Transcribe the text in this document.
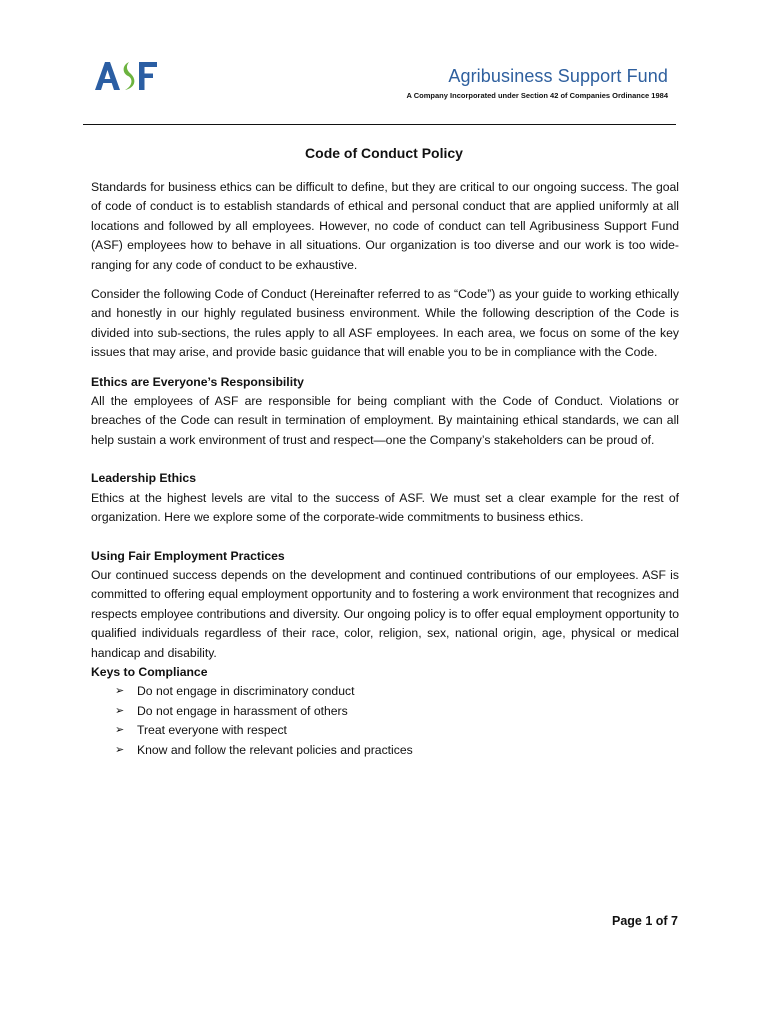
Agribusiness Support Fund
A Company Incorporated under Section 42 of Companies Ordinance 1984
Code of Conduct Policy

Standards for business ethics can be difficult to define, but they are critical to our ongoing success. The goal of code of conduct is to establish standards of ethical and personal conduct that are applied uniformly at all locations and followed by all employees. However, no code of conduct can tell Agribusiness Support Fund (ASF) employees how to behave in all situations. Our organization is too diverse and our work is too wide-ranging for any code of conduct to be exhaustive.

Consider the following Code of Conduct (Hereinafter referred to as “Code”) as your guide to working ethically and honestly in our highly regulated business environment. While the following description of the Code is divided into sub-sections, the rules apply to all ASF employees. In each area, we focus on some of the key issues that may arise, and provide basic guidance that will enable you to be in compliance with the Code.

Ethics are Everyone’s Responsibility

All the employees of ASF are responsible for being compliant with the Code of Conduct. Violations or breaches of the Code can result in termination of employment. By maintaining ethical standards, we can all help sustain a work environment of trust and respect—one the Company’s stakeholders can be proud of.

Leadership Ethics

Ethics at the highest levels are vital to the success of ASF. We must set a clear example for the rest of organization. Here we explore some of the corporate-wide commitments to business ethics.

Using Fair Employment Practices

Our continued success depends on the development and continued contributions of our employees. ASF is committed to offering equal employment opportunity and to fostering a work environment that recognizes and respects employee contributions and diversity. Our ongoing policy is to offer equal employment opportunity to qualified individuals regardless of their race, color, religion, sex, national origin, age, physical or medical handicap and disability.

Keys to Compliance

➢ Do not engage in discriminatory conduct
➢ Do not engage in harassment of others
➢ Treat everyone with respect
➢ Know and follow the relevant policies and practices
Page 1 of 7
